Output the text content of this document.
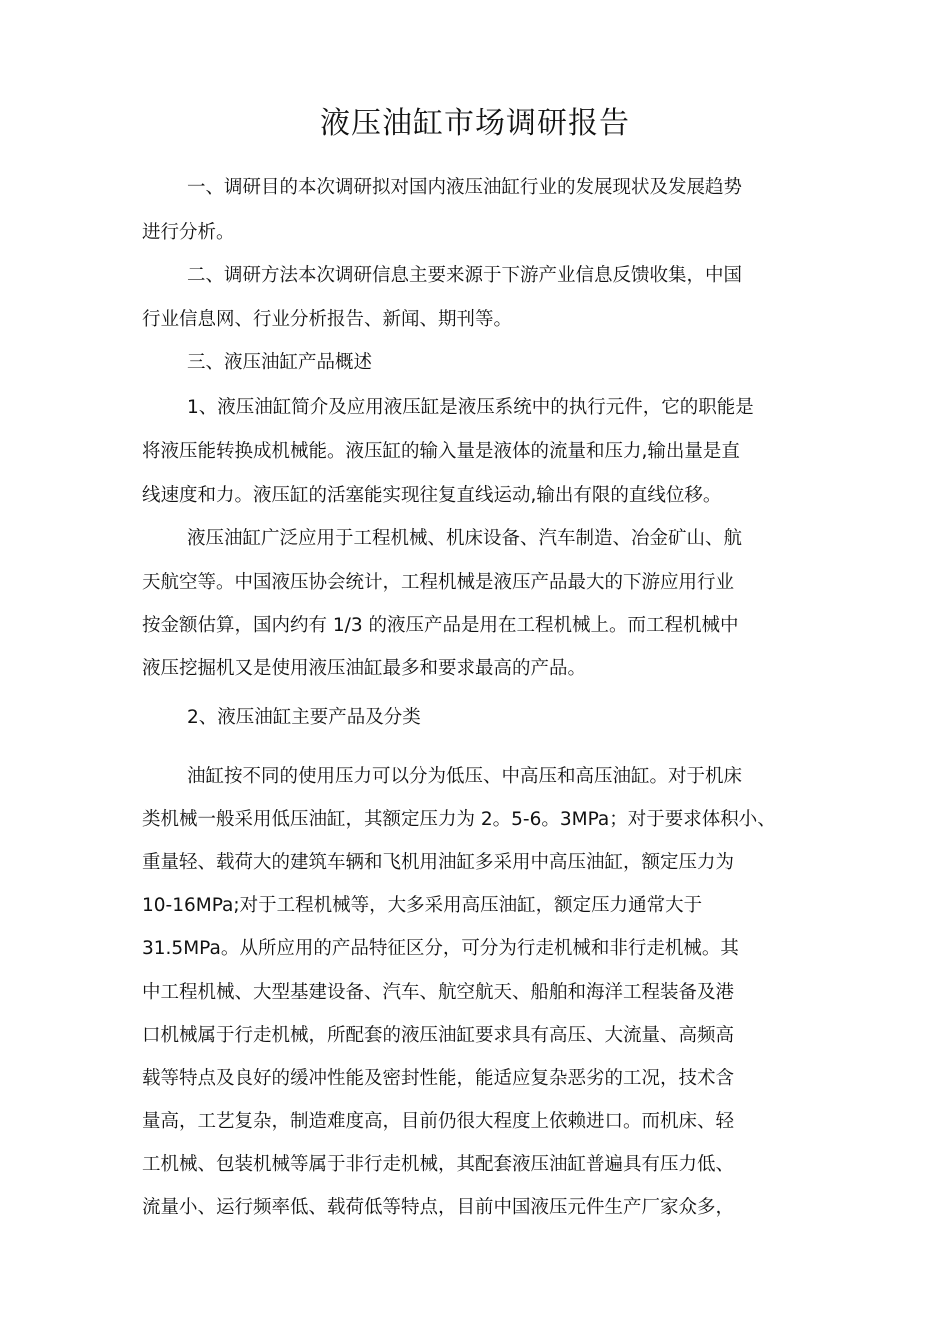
液压油缸市场调研报告
一、调研目的本次调研拟对国内液压油缸行业的发展现状及发展趋势
进行分析。
二、调研方法本次调研信息主要来源于下游产业信息反馈收集，中国
行业信息网、行业分析报告、新闻、期刊等。
三、液压油缸产品概述
1、液压油缸简介及应用液压缸是液压系统中的执行元件，它的职能是
将液压能转换成机械能。液压缸的输入量是液体的流量和压力,输出量是直
线速度和力。液压缸的活塞能实现往复直线运动,输出有限的直线位移。
液压油缸广泛应用于工程机械、机床设备、汽车制造、冶金矿山、航
天航空等。中国液压协会统计，工程机械是液压产品最大的下游应用行业
按金额估算，国内约有 1/3 的液压产品是用在工程机械上。而工程机械中
液压挖掘机又是使用液压油缸最多和要求最高的产品。
2、液压油缸主要产品及分类
油缸按不同的使用压力可以分为低压、中高压和高压油缸。对于机床
类机械一般采用低压油缸，其额定压力为 2。5-6。3MPa；对于要求体积小、
重量轻、载荷大的建筑车辆和飞机用油缸多采用中高压油缸，额定压力为
10-16MPa;对于工程机械等，大多采用高压油缸，额定压力通常大于
31.5MPa。从所应用的产品特征区分，可分为行走机械和非行走机械。其
中工程机械、大型基建设备、汽车、航空航天、船舶和海洋工程装备及港
口机械属于行走机械，所配套的液压油缸要求具有高压、大流量、高频高
载等特点及良好的缓冲性能及密封性能，能适应复杂恶劣的工况，技术含
量高，工艺复杂，制造难度高，目前仍很大程度上依赖进口。而机床、轻
工机械、包装机械等属于非行走机械，其配套液压油缸普遍具有压力低、
流量小、运行频率低、载荷低等特点，目前中国液压元件生产厂家众多，
